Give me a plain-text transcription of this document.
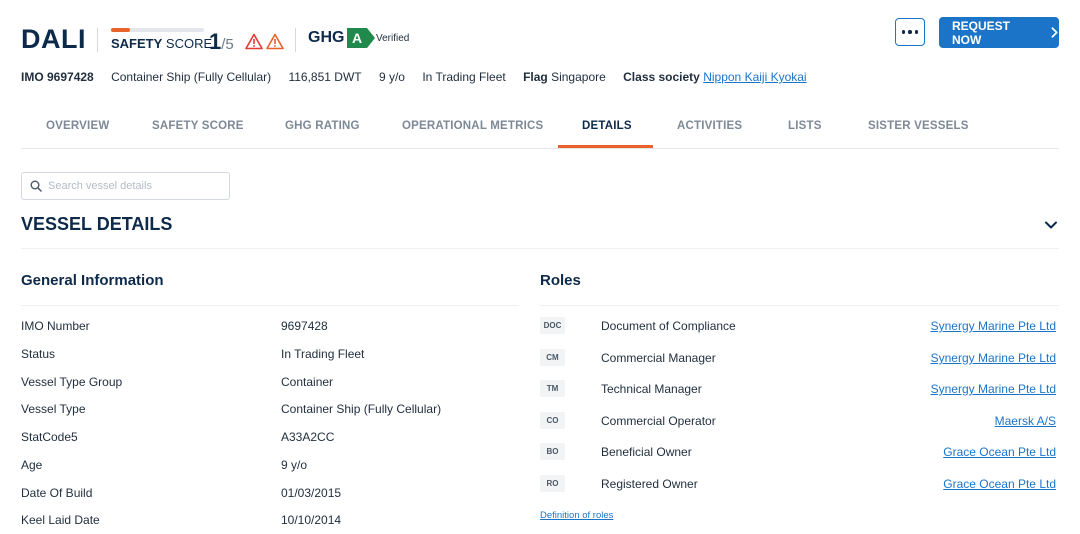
DALI SAFETY SCORE
1/5	GHG A Verified
REQUEST NOW
IMO 9697428 Container Ship (Fully Cellular) 116,851 DWT 9 y/o In Trading Fleet Flag Singapore Class society Nippon Kaiji Kyokai
OVERVIEW	SAFETY SCORE	GHG RATING	OPERATIONAL METRICS	DETAILS	ACTIVITIES	LISTS	SISTER VESSELS
Search vessel details
VESSEL DETAILS
General Information
IMO Number	9697428
Status	In Trading Fleet
Vessel Type Group	Container
Vessel Type	Container Ship (Fully Cellular)
StatCode5	A33A2CC
Age	9 y/o
Date Of Build	01/03/2015
Keel Laid Date	10/10/2014
Roles
DOC	Document of Compliance	Synergy Marine Pte Ltd
CM	Commercial Manager	Synergy Marine Pte Ltd
TM	Technical Manager	Synergy Marine Pte Ltd
CO	Commercial Operator	Maersk A/S
BO	Beneficial Owner	Grace Ocean Pte Ltd
RO	Registered Owner	Grace Ocean Pte Ltd
Definition of roles
